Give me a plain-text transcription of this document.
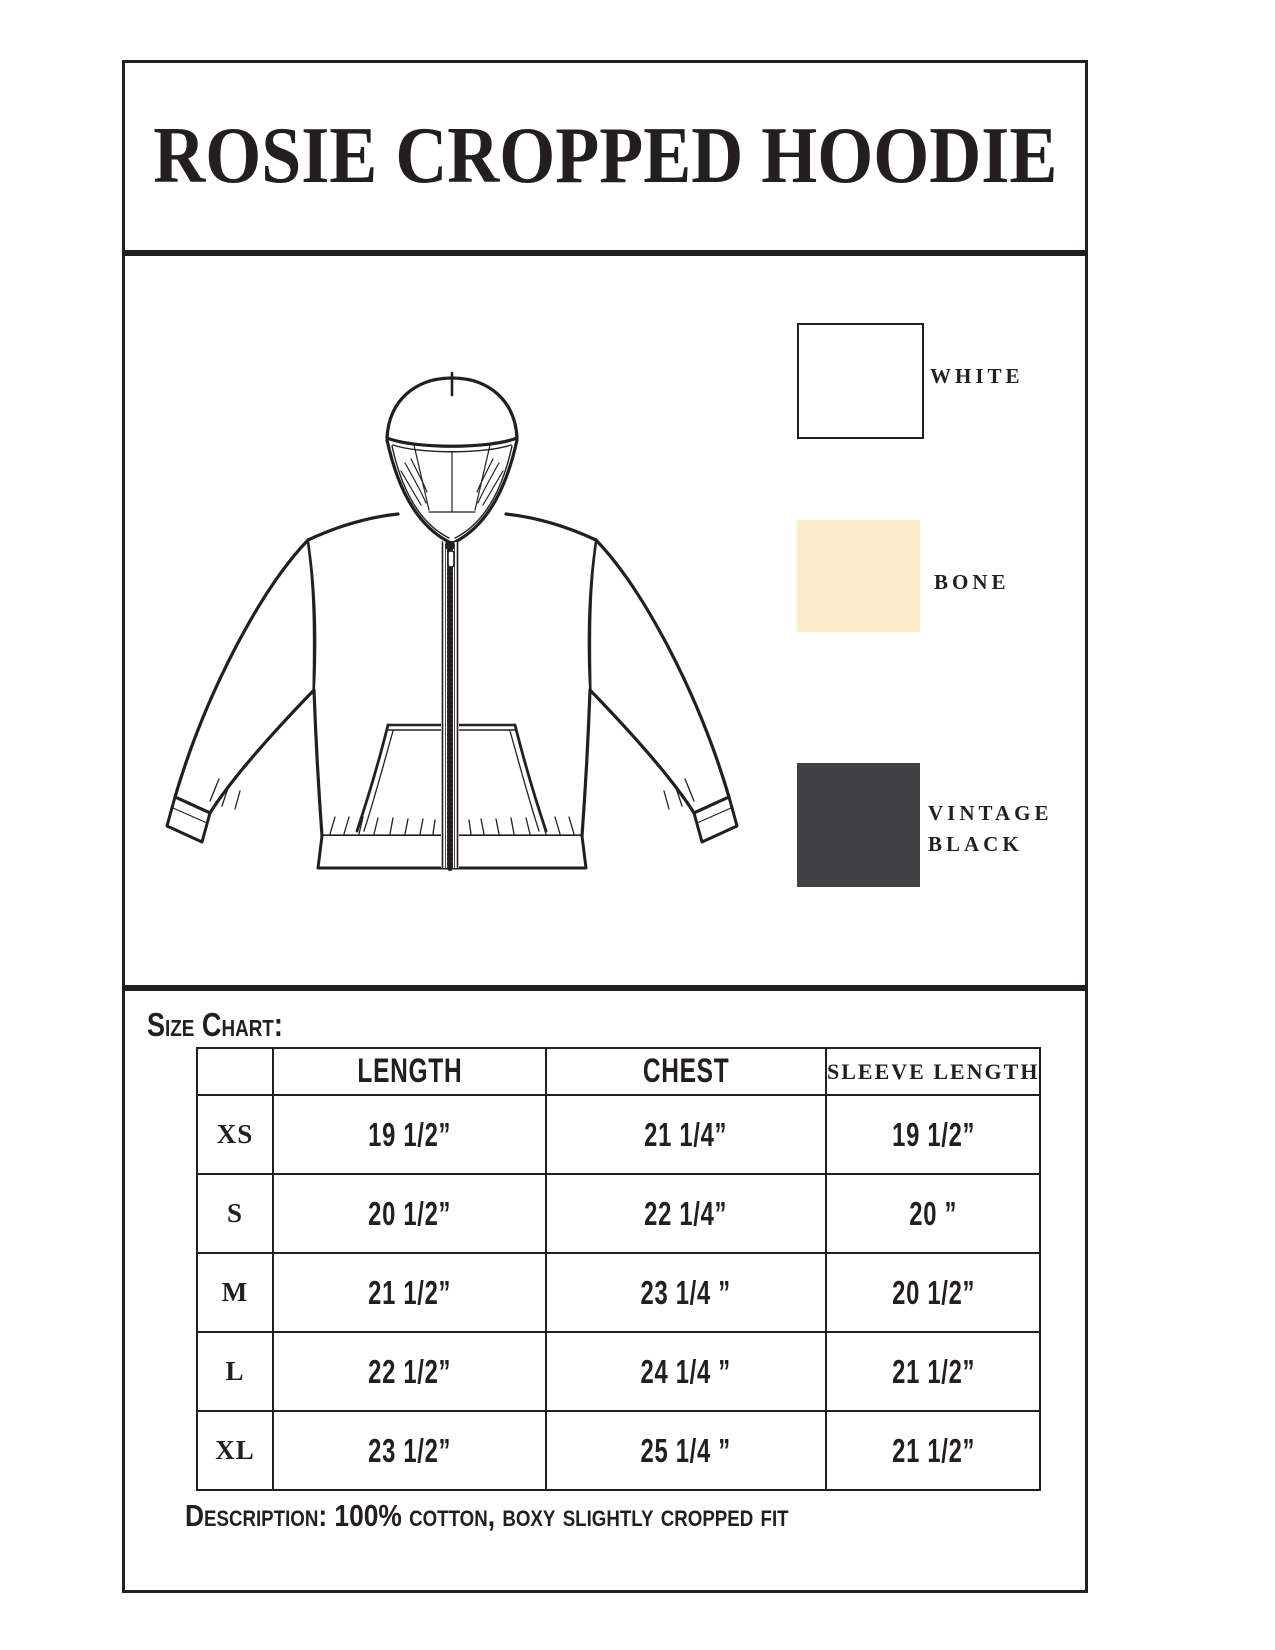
ROSIE CROPPED HOODIE
WHITE
BONE
VINTAGE
BLACK
Size Chart:
	LENGTH	CHEST	SLEEVE LENGTH
XS	19 1/2”	21 1/4”	19 1/2”
S	20 1/2”	22 1/4”	20 ”
M	21 1/2”	23 1/4 ”	20 1/2”
L	22 1/2”	24 1/4 ”	21 1/2”
XL	23 1/2”	25 1/4 ”	21 1/2”
Description: 100% cotton, boxy slightly cropped fit
